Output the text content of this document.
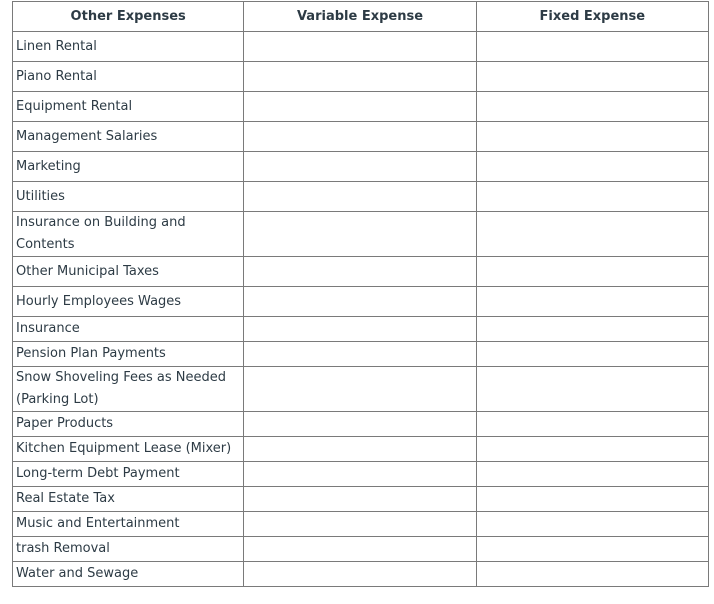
Other Expenses	Variable Expense	Fixed Expense
Linen Rental		
Piano Rental		
Equipment Rental		
Management Salaries		
Marketing		
Utilities		
Insurance on Building and Contents		
Other Municipal Taxes		
Hourly Employees Wages		
Insurance		
Pension Plan Payments		
Snow Shoveling Fees as Needed (Parking Lot)		
Paper Products		
Kitchen Equipment Lease (Mixer)		
Long-term Debt Payment		
Real Estate Tax		
Music and Entertainment		
trash Removal		
Water and Sewage		
